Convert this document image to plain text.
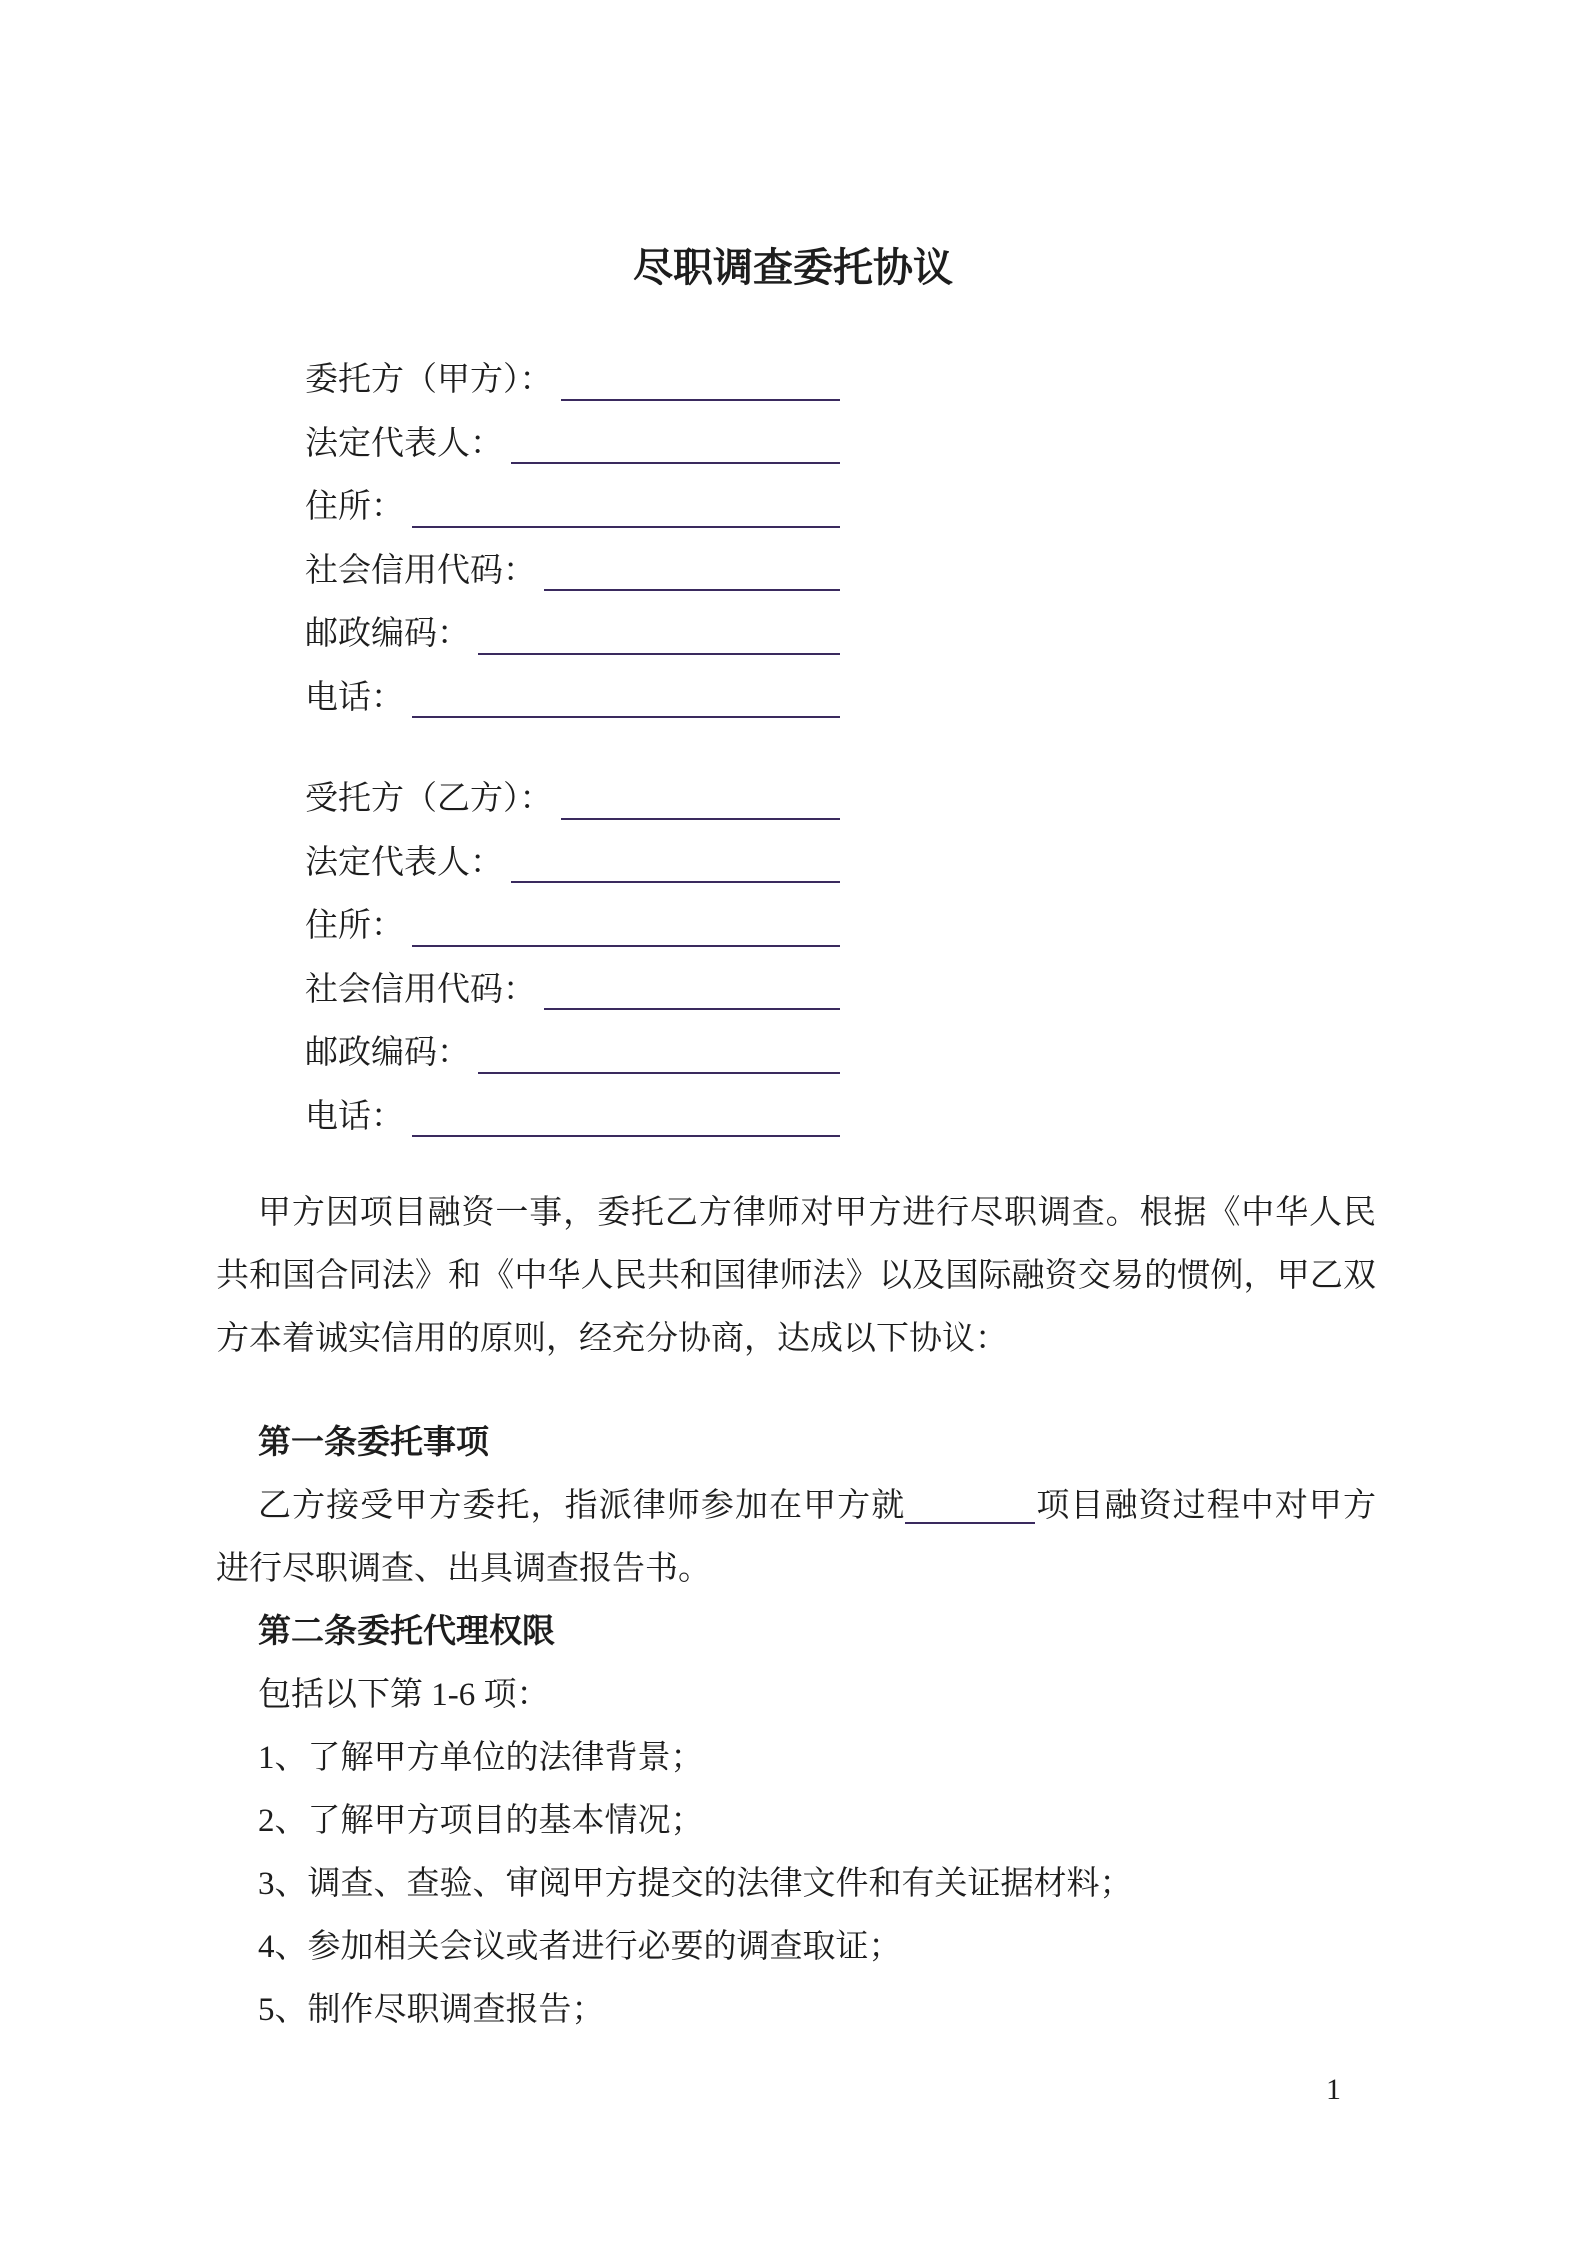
尽职调查委托协议
委托方（甲方）：
法定代表人：
住所：
社会信用代码：
邮政编码：
电话：
受托方（乙方）：
法定代表人：
住所：
社会信用代码：
邮政编码：
电话：

甲方因项目融资一事，委托乙方律师对甲方进行尽职调查。根据《中华人民共和国合同法》和《中华人民共和国律师法》以及国际融资交易的惯例，甲乙双方本着诚实信用的原则，经充分协商，达成以下协议：

第一条委托事项

乙方接受甲方委托，指派律师参加在甲方就	项目融资过程中对甲方进行尽职调查、出具调查报告书。

第二条委托代理权限

包括以下第 1-6 项：

1、了解甲方单位的法律背景；

2、了解甲方项目的基本情况；

3、调查、查验、审阅甲方提交的法律文件和有关证据材料；

4、参加相关会议或者进行必要的调查取证；

5、制作尽职调查报告；

1
